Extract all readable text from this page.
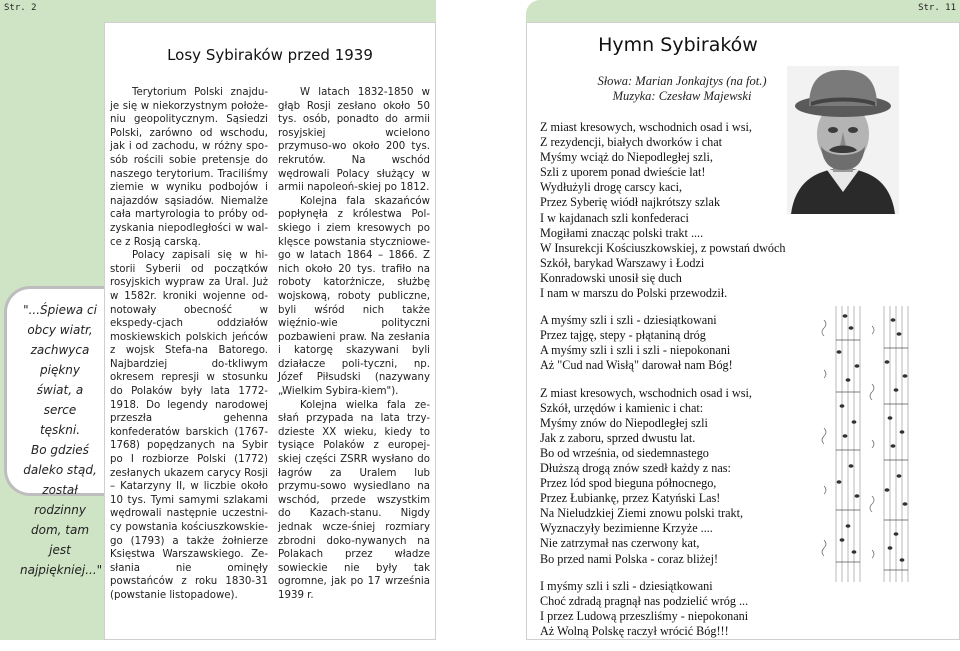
Str. 2
"...Śpiewa ci
obcy wiatr,
zachwyca piękny
świat, a serce
tęskni.
Bo gdzieś
daleko stąd,
został rodzinny
dom, tam jest
najpiękniej..."
Losy Sybiraków przed 1939

Terytorium Polski znajdu-je się w niekorzystnym położe-niu geopolitycznym. Sąsiedzi Polski, zarówno od wschodu, jak i od zachodu, w różny spo-sób rościli sobie pretensje do naszego terytorium. Traciliśmy ziemie w wyniku podbojów i najazdów sąsiadów. Niemalże cała martyrologia to próby od-zyskania niepodległości w wal-ce z Rosją carską.

Polacy zapisali się w hi-storii Syberii od początków rosyjskich wypraw za Ural. Już w 1582r. kroniki wojenne od-notowały obecność w ekspedy-cjach oddziałów moskiewskich polskich jeńców z wojsk Stefa-na Batorego. Najbardziej do-tkliwym okresem represji w stosunku do Polaków były lata 1772-1918. Do legendy narodowej przeszła gehenna konfederatów barskich (1767-1768) popędzanych na Sybir po I rozbiorze Polski (1772) zesłanych ukazem carycy Rosji – Katarzyny II, w liczbie około 10 tys. Tymi samymi szlakami wędrowali następnie uczestni-cy powstania kościuszkowskie-go (1793) a także żołnierze Księstwa Warszawskiego. Ze-słania nie ominęły powstańców z roku 1830-31 (powstanie listopadowe).

W latach 1832-1850 w głąb Rosji zesłano około 50 tys. osób, ponadto do armii rosyjskiej wcielono przymuso-wo około 200 tys. rekrutów. Na wschód wędrowali Polacy służący w armii napoleoń-skiej po 1812.

Kolejna fala skazańców popłynęła z królestwa Pol-skiego i ziem kresowych po klęsce powstania styczniowe-go w latach 1864 – 1866. Z nich około 20 tys. trafiło na roboty katorżnicze, służbę wojskową, roboty publiczne, byli wśród nich także więźnio-wie polityczni pozbawieni praw. Na zesłania i katorgę skazywani byli działacze poli-tyczni, np. Józef Piłsudski (nazywany „Wielkim Sybira-kiem").

Kolejna wielka fala ze-słań przypada na lata trzy-dzieste XX wieku, kiedy to tysiące Polaków z europej-skiej części ZSRR wysłano do łagrów za Uralem lub przymu-sowo wysiedlano na wschód, przede wszystkim do Kazach-stanu. Nigdy jednak wcze-śniej rozmiary zbrodni doko-nywanych na Polakach przez władze sowieckie nie były tak ogromne, jak po 17 września 1939 r.

Str. 11
Hymn Sybiraków
Słowa: Marian Jonkajtys (na fot.)
Muzyka: Czesław Majewski
Z miast kresowych, wschodnich osad i wsi,
Z rezydencji, białych dworków i chat
Myśmy wciąż do Niepodległej szli,
Szli z uporem ponad dwieście lat!
Wydłużyli drogę carscy kaci,
Przez Syberię wiódł najkrótszy szlak
I w kajdanach szli konfederaci
Mogiłami znacząc polski trakt ....
W Insurekcji Kościuszkowskiej, z powstań dwóch
Szkół, barykad Warszawy i Łodzi
Konradowski unosił się duch
I nam w marszu do Polski przewodził.
A myśmy szli i szli - dziesiątkowani
Przez tajgę, stepy - płątaniną dróg
A myśmy szli i szli i szli - niepokonani
Aż "Cud nad Wisłą" darował nam Bóg!
Z miast kresowych, wschodnich osad i wsi,
Szkół, urzędów i kamienic i chat:
Myśmy znów do Niepodległej szli
Jak z zaboru, sprzed dwustu lat.
Bo od września, od siedemnastego
Dłuższą drogą znów szedł każdy z nas:
Przez lód spod bieguna północnego,
Przez Łubiankę, przez Katyński Las!
Na Nieludzkiej Ziemi znowu polski trakt,
Wyznaczyły bezimienne Krzyże ....
Nie zatrzymał nas czerwony kat,
Bo przed nami Polska - coraz bliżej!
I myśmy szli i szli - dziesiątkowani
Choć zdradą pragnął nas podzielić wróg ...
I przez Ludową przeszliśmy - niepokonani
Aż Wolną Polskę raczył wrócić Bóg!!!
